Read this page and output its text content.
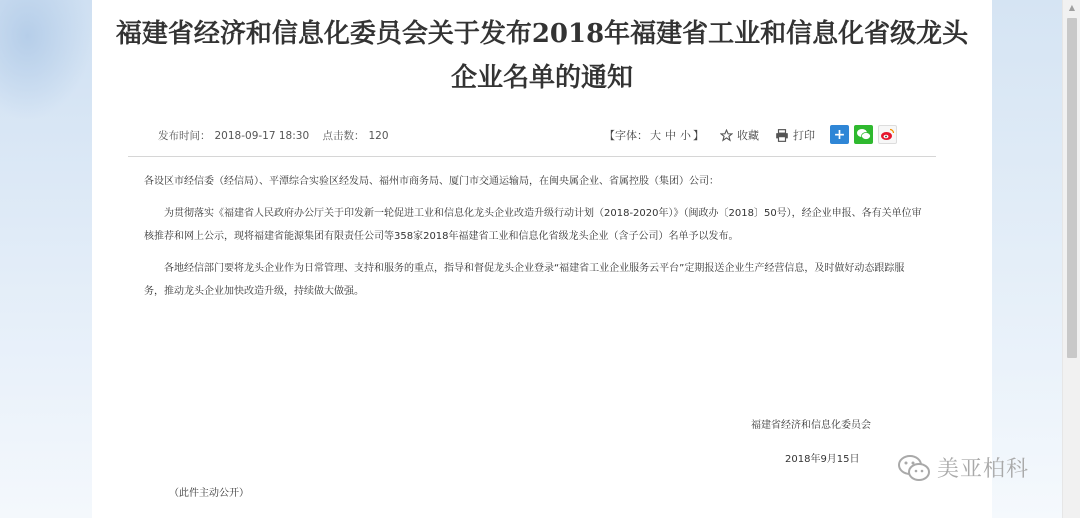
▲
福建省经济和信息化委员会关于发布2018年福建省工业和信息化省级龙头
企业名单的通知
发布时间： 2018-09-17 18:30 点击数： 120	【字体： 大 中 小 】	收藏	打印 +
各设区市经信委（经信局）、平潭综合实验区经发局、福州市商务局、厦门市交通运输局，在闽央属企业、省属控股（集团）公司：
为贯彻落实《福建省人民政府办公厅关于印发新一轮促进工业和信息化龙头企业改造升级行动计划（2018-2020年）》（闽政办〔2018〕50号），经企业申报、各有关单位审核推荐和网上公示，现将福建省能源集团有限责任公司等358家2018年福建省工业和信息化省级龙头企业（含子公司）名单予以发布。
各地经信部门要将龙头企业作为日常管理、支持和服务的重点，指导和督促龙头企业登录“福建省工业企业服务云平台”定期报送企业生产经营信息，及时做好动态跟踪服务，推动龙头企业加快改造升级，持续做大做强。
福建省经济和信息化委员会
2018年9月15日
（此件主动公开）
美亚柏科
